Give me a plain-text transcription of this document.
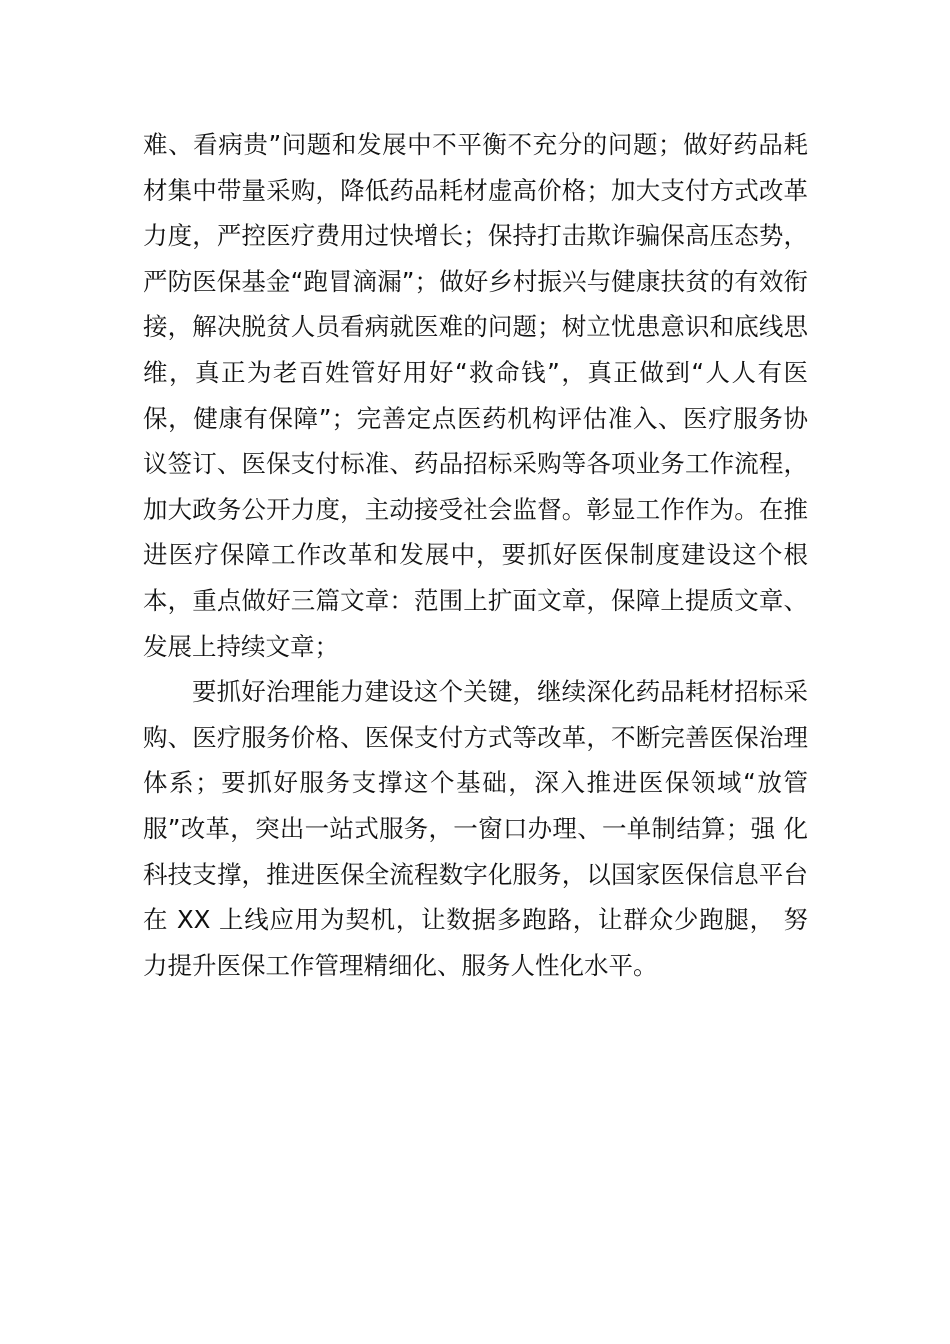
难、看病贵”问题和发展中不平衡不充分的问题；做好药品耗材集中带量采购，降低药品耗材虚高价格；加大支付方式改革力度，严控医疗费用过快增长；保持打击欺诈骗保高压态势，严防医保基金“跑冒滴漏”；做好乡村振兴与健康扶贫的有效衔接，解决脱贫人员看病就医难的问题；树立忧患意识和底线思维，真正为老百姓管好用好“救命钱”，真正做到“人人有医保，健康有保障”；完善定点医药机构评估准入、医疗服务协议签订、医保支付标准、药品招标采购等各项业务工作流程，加大政务公开力度，主动接受社会监督。彰显工作作为。在推进医疗保障工作改革和发展中，要抓好医保制度建设这个根本，重点做好三篇文章：范围上扩面文章，保障上提质文章、发展上持续文章；

要抓好治理能力建设这个关键，继续深化药品耗材招标采购、医疗服务价格、医保支付方式等改革，不断完善医保治理体系；要抓好服务支撑这个基础，深入推进医保领域“放管服”改革，突出一站式服务，一窗口办理、一单制结算；强 化科技支撑，推进医保全流程数字化服务，以国家医保信息平台在 XX 上线应用为契机，让数据多跑路，让群众少跑腿， 努力提升医保工作管理精细化、服务人性化水平。
